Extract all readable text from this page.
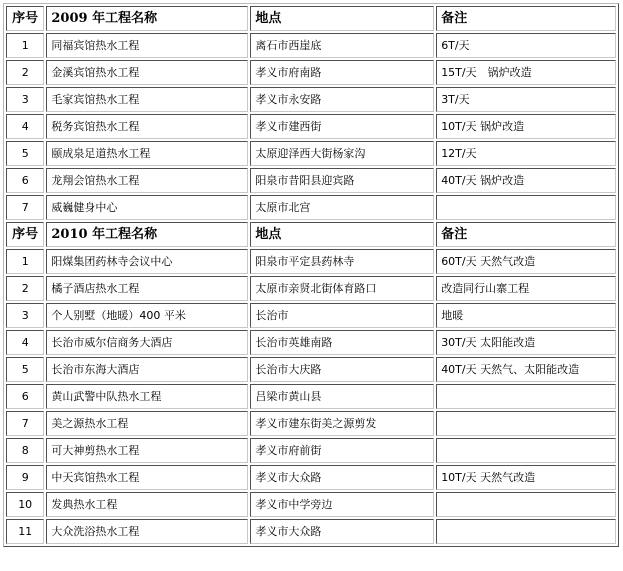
序号	2009 年工程名称	地点	备注
1	同福宾馆热水工程	离石市西崖底	6T/天
2	金溪宾馆热水工程	孝义市府南路	15T/天　锅炉改造
3	毛家宾馆热水工程	孝义市永安路	3T/天
4	税务宾馆热水工程	孝义市建西街	10T/天 锅炉改造
5	颐成泉足道热水工程	太原迎泽西大街杨家沟	12T/天
6	龙翔会馆热水工程	阳泉市昔阳县迎宾路	40T/天 锅炉改造
7	威巍健身中心	太原市北宫	
序号	2010 年工程名称	地点	备注
1	阳煤集团药林寺会议中心	阳泉市平定县药林寺	60T/天 天然气改造
2	橘子酒店热水工程	太原市亲贤北街体育路口	改造同行山寨工程
3	个人别墅（地暖）400 平米	长治市	地暖
4	长治市威尔信商务大酒店	长治市英雄南路	30T/天 太阳能改造
5	长治市东海大酒店	长治市大庆路	40T/天 天然气、太阳能改造
6	黄山武警中队热水工程	吕梁市黄山县	
7	美之源热水工程	孝义市建东街美之源剪发	
8	可大神剪热水工程	孝义市府前街	
9	中天宾馆热水工程	孝义市大众路	10T/天 天然气改造
10	发典热水工程	孝义市中学旁边	
11	大众洗浴热水工程	孝义市大众路	
